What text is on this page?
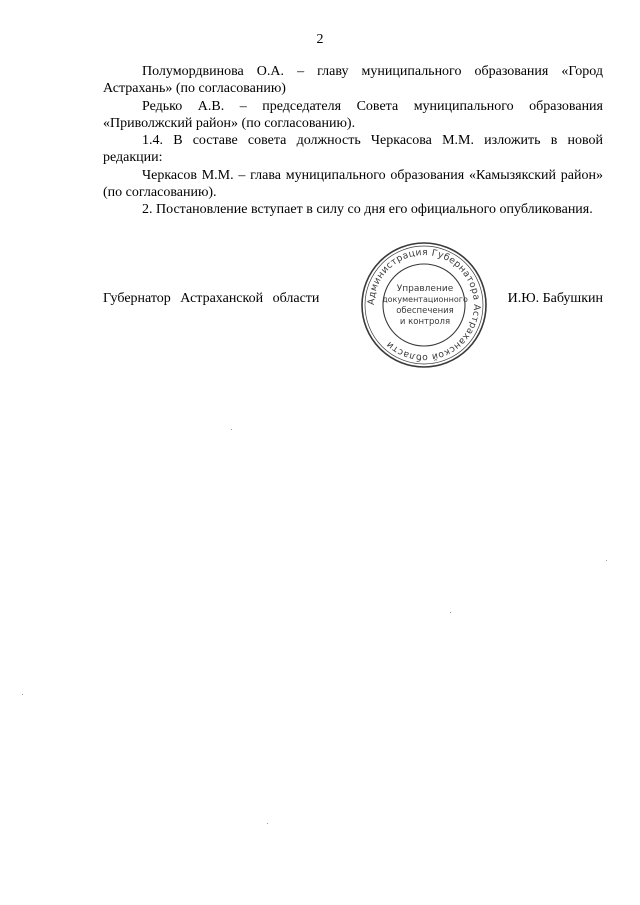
2

Полумордвинова О.А. – главу муниципального образования «Город Астрахань» (по согласованию)

Редько А.В. – председателя Совета муниципального образования «Приволжский район» (по согласованию).

1.4. В составе совета должность Черкасова М.М. изложить в новой редакции:

Черкасов М.М. – глава муниципального образования «Камызякский район» (по согласованию).

2. Постановление вступает в силу со дня его официального опубликования.

Губернатор Астраханской области	И.Ю. Бабушкин
Администрация Губернатора Астраханской области
Управление
документационного
обеспечения
и контроля
